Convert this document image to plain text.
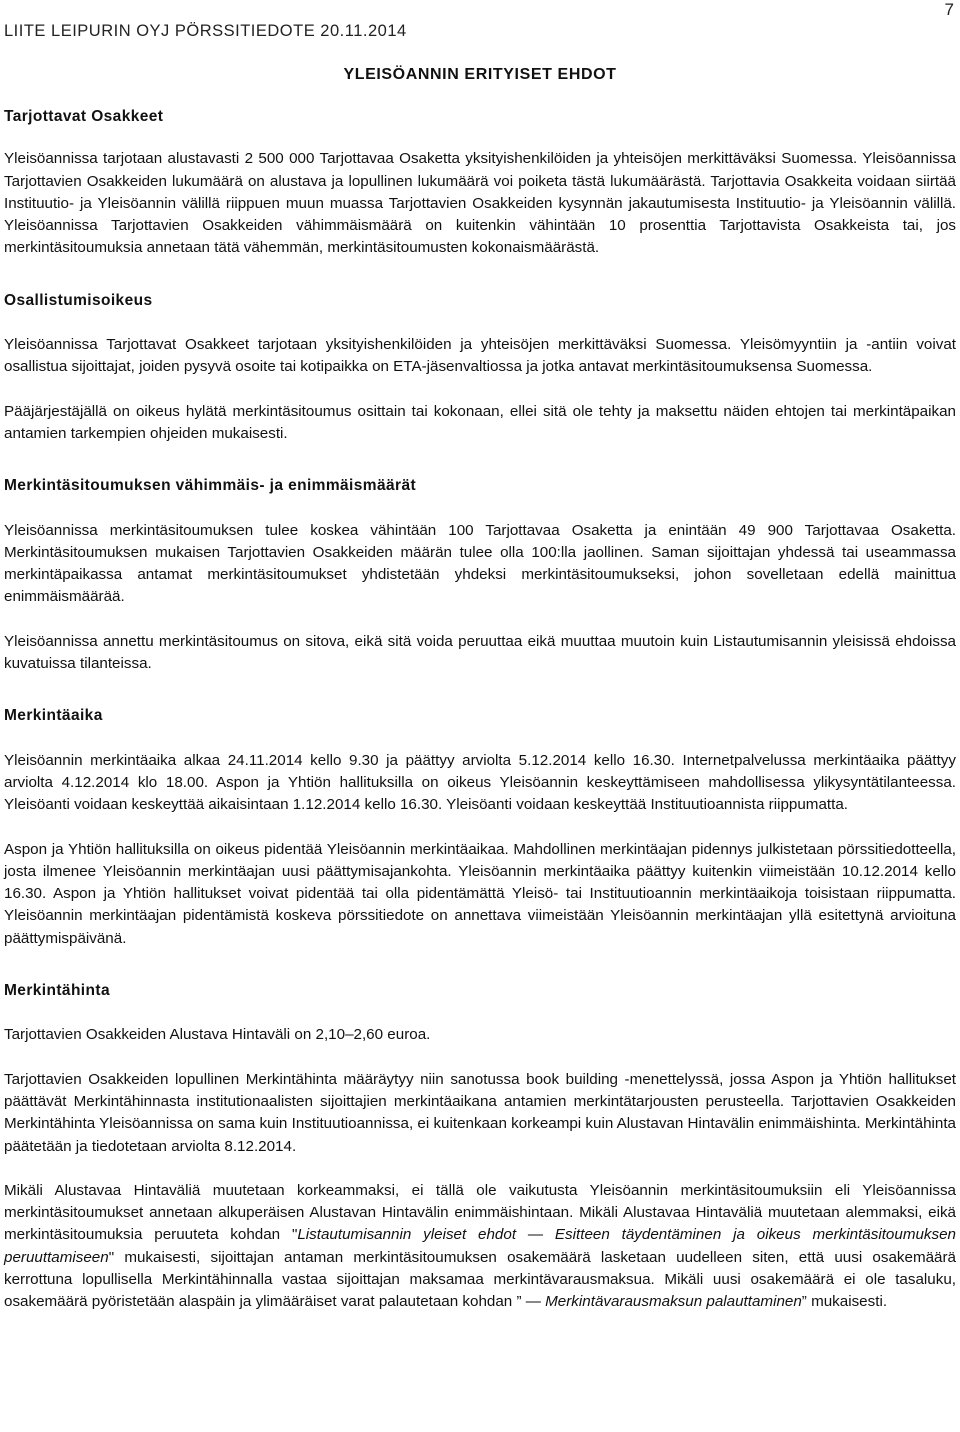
LIITE LEIPURIN OYJ PÖRSSITIEDOTE 20.11.2014
7
YLEISÖANNIN ERITYISET EHDOT
Tarjottavat Osakkeet

Yleisöannissa tarjotaan alustavasti 2 500 000 Tarjottavaa Osaketta yksityishenkilöiden ja yhteisöjen merkittäväksi Suomessa. Yleisöannissa Tarjottavien Osakkeiden lukumäärä on alustava ja lopullinen lukumäärä voi poiketa tästä lukumäärästä. Tarjottavia Osakkeita voidaan siirtää Instituutio- ja Yleisöannin välillä riippuen muun muassa Tarjottavien Osakkeiden kysynnän jakautumisesta Instituutio- ja Yleisöannin välillä. Yleisöannissa Tarjottavien Osakkeiden vähimmäismäärä on kuitenkin vähintään 10 prosenttia Tarjottavista Osakkeista tai, jos merkintäsitoumuksia annetaan tätä vähemmän, merkintäsitoumusten kokonaismäärästä.

Osallistumisoikeus

Yleisöannissa Tarjottavat Osakkeet tarjotaan yksityishenkilöiden ja yhteisöjen merkittäväksi Suomessa. Yleisömyyntiin ja -antiin voivat osallistua sijoittajat, joiden pysyvä osoite tai kotipaikka on ETA-jäsenvaltiossa ja jotka antavat merkintäsitoumuksensa Suomessa.

Pääjärjestäjällä on oikeus hylätä merkintäsitoumus osittain tai kokonaan, ellei sitä ole tehty ja maksettu näiden ehtojen tai merkintäpaikan antamien tarkempien ohjeiden mukaisesti.

Merkintäsitoumuksen vähimmäis- ja enimmäismäärät

Yleisöannissa merkintäsitoumuksen tulee koskea vähintään 100 Tarjottavaa Osaketta ja enintään 49 900 Tarjottavaa Osaketta. Merkintäsitoumuksen mukaisen Tarjottavien Osakkeiden määrän tulee olla 100:lla jaollinen. Saman sijoittajan yhdessä tai useammassa merkintäpaikassa antamat merkintäsitoumukset yhdistetään yhdeksi merkintäsitoumukseksi, johon sovelletaan edellä mainittua enimmäismäärää.

Yleisöannissa annettu merkintäsitoumus on sitova, eikä sitä voida peruuttaa eikä muuttaa muutoin kuin Listautumisannin yleisissä ehdoissa kuvatuissa tilanteissa.

Merkintäaika

Yleisöannin merkintäaika alkaa 24.11.2014 kello 9.30 ja päättyy arviolta 5.12.2014 kello 16.30. Internetpalvelussa merkintäaika päättyy arviolta 4.12.2014 klo 18.00. Aspon ja Yhtiön hallituksilla on oikeus Yleisöannin keskeyttämiseen mahdollisessa ylikysyntätilanteessa. Yleisöanti voidaan keskeyttää aikaisintaan 1.12.2014 kello 16.30. Yleisöanti voidaan keskeyttää Instituutioannista riippumatta.

Aspon ja Yhtiön hallituksilla on oikeus pidentää Yleisöannin merkintäaikaa. Mahdollinen merkintäajan pidennys julkistetaan pörssitiedotteella, josta ilmenee Yleisöannin merkintäajan uusi päättymisajankohta. Yleisöannin merkintäaika päättyy kuitenkin viimeistään 10.12.2014 kello 16.30. Aspon ja Yhtiön hallitukset voivat pidentää tai olla pidentämättä Yleisö- tai Instituutioannin merkintäaikoja toisistaan riippumatta. Yleisöannin merkintäajan pidentämistä koskeva pörssitiedote on annettava viimeistään Yleisöannin merkintäajan yllä esitettynä arvioituna päättymispäivänä.

Merkintähinta

Tarjottavien Osakkeiden Alustava Hintaväli on 2,10–2,60 euroa.

Tarjottavien Osakkeiden lopullinen Merkintähinta määräytyy niin sanotussa book building -menettelyssä, jossa Aspon ja Yhtiön hallitukset päättävät Merkintähinnasta institutionaalisten sijoittajien merkintäaikana antamien merkintätarjousten perusteella. Tarjottavien Osakkeiden Merkintähinta Yleisöannissa on sama kuin Instituutioannissa, ei kuitenkaan korkeampi kuin Alustavan Hintavälin enimmäishinta. Merkintähinta päätetään ja tiedotetaan arviolta 8.12.2014.

Mikäli Alustavaa Hintaväliä muutetaan korkeammaksi, ei tällä ole vaikutusta Yleisöannin merkintäsitoumuksiin eli Yleisöannissa merkintäsitoumukset annetaan alkuperäisen Alustavan Hintavälin enimmäishintaan. Mikäli Alustavaa Hintaväliä muutetaan alemmaksi, eikä merkintäsitoumuksia peruuteta kohdan "Listautumisannin yleiset ehdot — Esitteen täydentäminen ja oikeus merkintäsitoumuksen peruuttamiseen" mukaisesti, sijoittajan antaman merkintäsitoumuksen osakemäärä lasketaan uudelleen siten, että uusi osakemäärä kerrottuna lopullisella Merkintähinnalla vastaa sijoittajan maksamaa merkintävarausmaksua. Mikäli uusi osakemäärä ei ole tasaluku, osakemäärä pyöristetään alaspäin ja ylimääräiset varat palautetaan kohdan ” — Merkintävarausmaksun palauttaminen” mukaisesti.
